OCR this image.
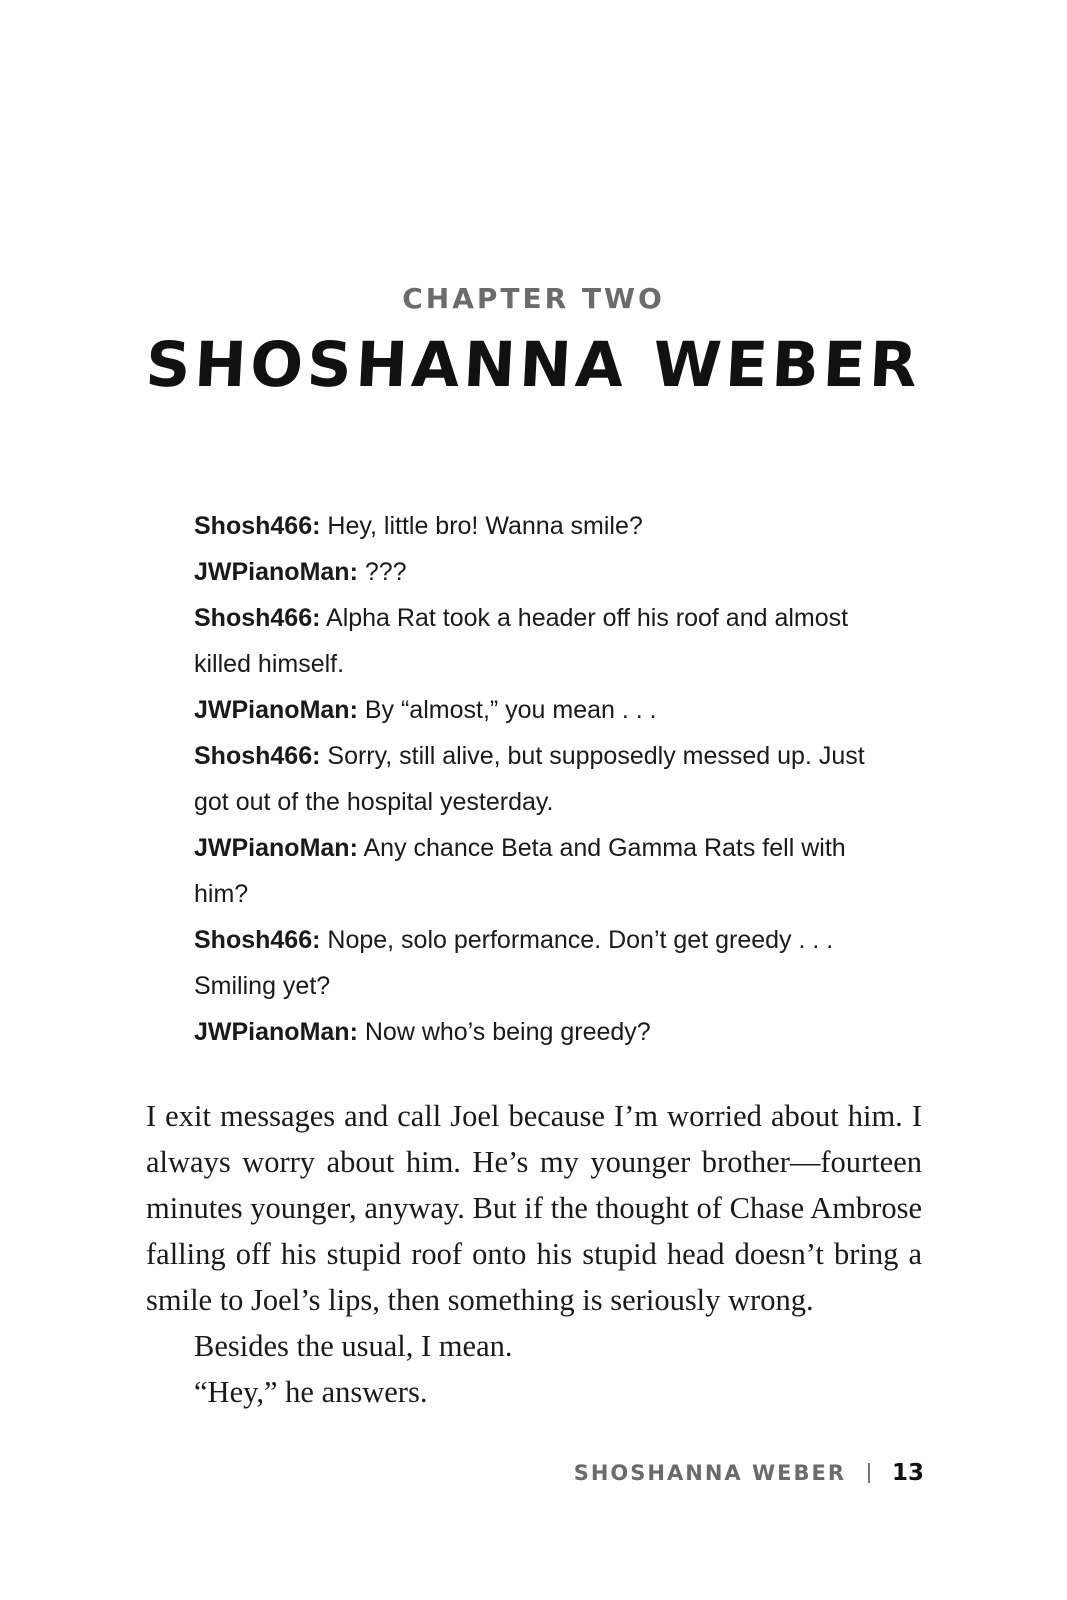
CHAPTER TWO
SHOSHANNA WEBER

Shosh466: Hey, little bro! Wanna smile?

JWPianoMan: ???

Shosh466: Alpha Rat took a header off his roof and almost killed himself.

JWPianoMan: By “almost,” you mean . . .

Shosh466: Sorry, still alive, but supposedly messed up. Just got out of the hospital yesterday.

JWPianoMan: Any chance Beta and Gamma Rats fell with him?

Shosh466: Nope, solo performance. Don’t get greedy . . . Smiling yet?

JWPianoMan: Now who’s being greedy?

I exit messages and call Joel because I’m worried about him. I always worry about him. He’s my younger brother—fourteen minutes younger, anyway. But if the thought of Chase Ambrose falling off his stupid roof onto his stupid head doesn’t bring a smile to Joel’s lips, then something is seriously wrong.

Besides the usual, I mean.

“Hey,” he answers.

SHOSHANNA WEBER 13
